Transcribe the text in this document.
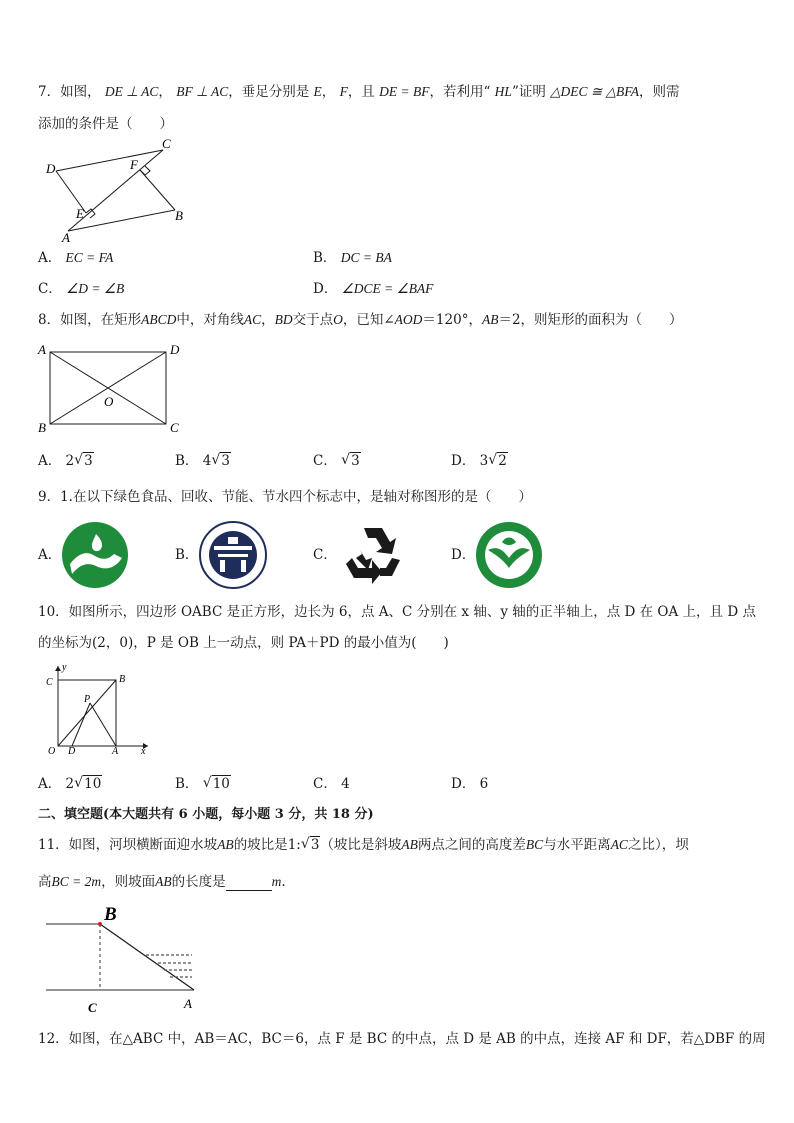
7．如图， DE ⊥ AC， BF ⊥ AC，垂足分别是 E， F，且 DE = BF，若利用“ HL”证明 △DEC ≅ △BFA，则需
添加的条件是（　　）
D
C
F
E	B
A
A． EC = FA	B． DC = BA
C． ∠D = ∠B	D． ∠DCE = ∠BAF
8．如图，在矩形ABCD中，对角线AC，BD交于点O，已知∠AOD＝120°，AB＝2，则矩形的面积为（　　）
A	D
B	C
O
A． 2 √ 3	B． 4 √ 3	C． √ 3	D． 3 √ 2
9．1.在以下绿色食品、回收、节能、节水四个标志中，是轴对称图形的是（　　）
A．	B．	C．	D．
10．如图所示，四边形 OABC 是正方形，边长为 6，点 A、C 分别在 x 轴、y 轴的正半轴上，点 D 在 OA 上，且 D 点
的坐标为(2，0)，P 是 OB 上一动点，则 PA＋PD 的最小值为(　　)
y
C	B
P
O D	A x
A． 2 √ 10	B． √ 10	C． 4	D． 6
二、填空题(本大题共有 6 小题，每小题 3 分，共 18 分)
11．如图，河坝横断面迎水坡AB的坡比是1: √ 3（坡比是斜坡AB两点之间的高度差BC与水平距离AC之比），坝
高BC = 2m，则坡面AB的长度是	m.
B
C	A
12．如图，在△ABC 中，AB＝AC，BC＝6，点 F 是 BC 的中点，点 D 是 AB 的中点，连接 AF 和 DF，若△DBF 的周
